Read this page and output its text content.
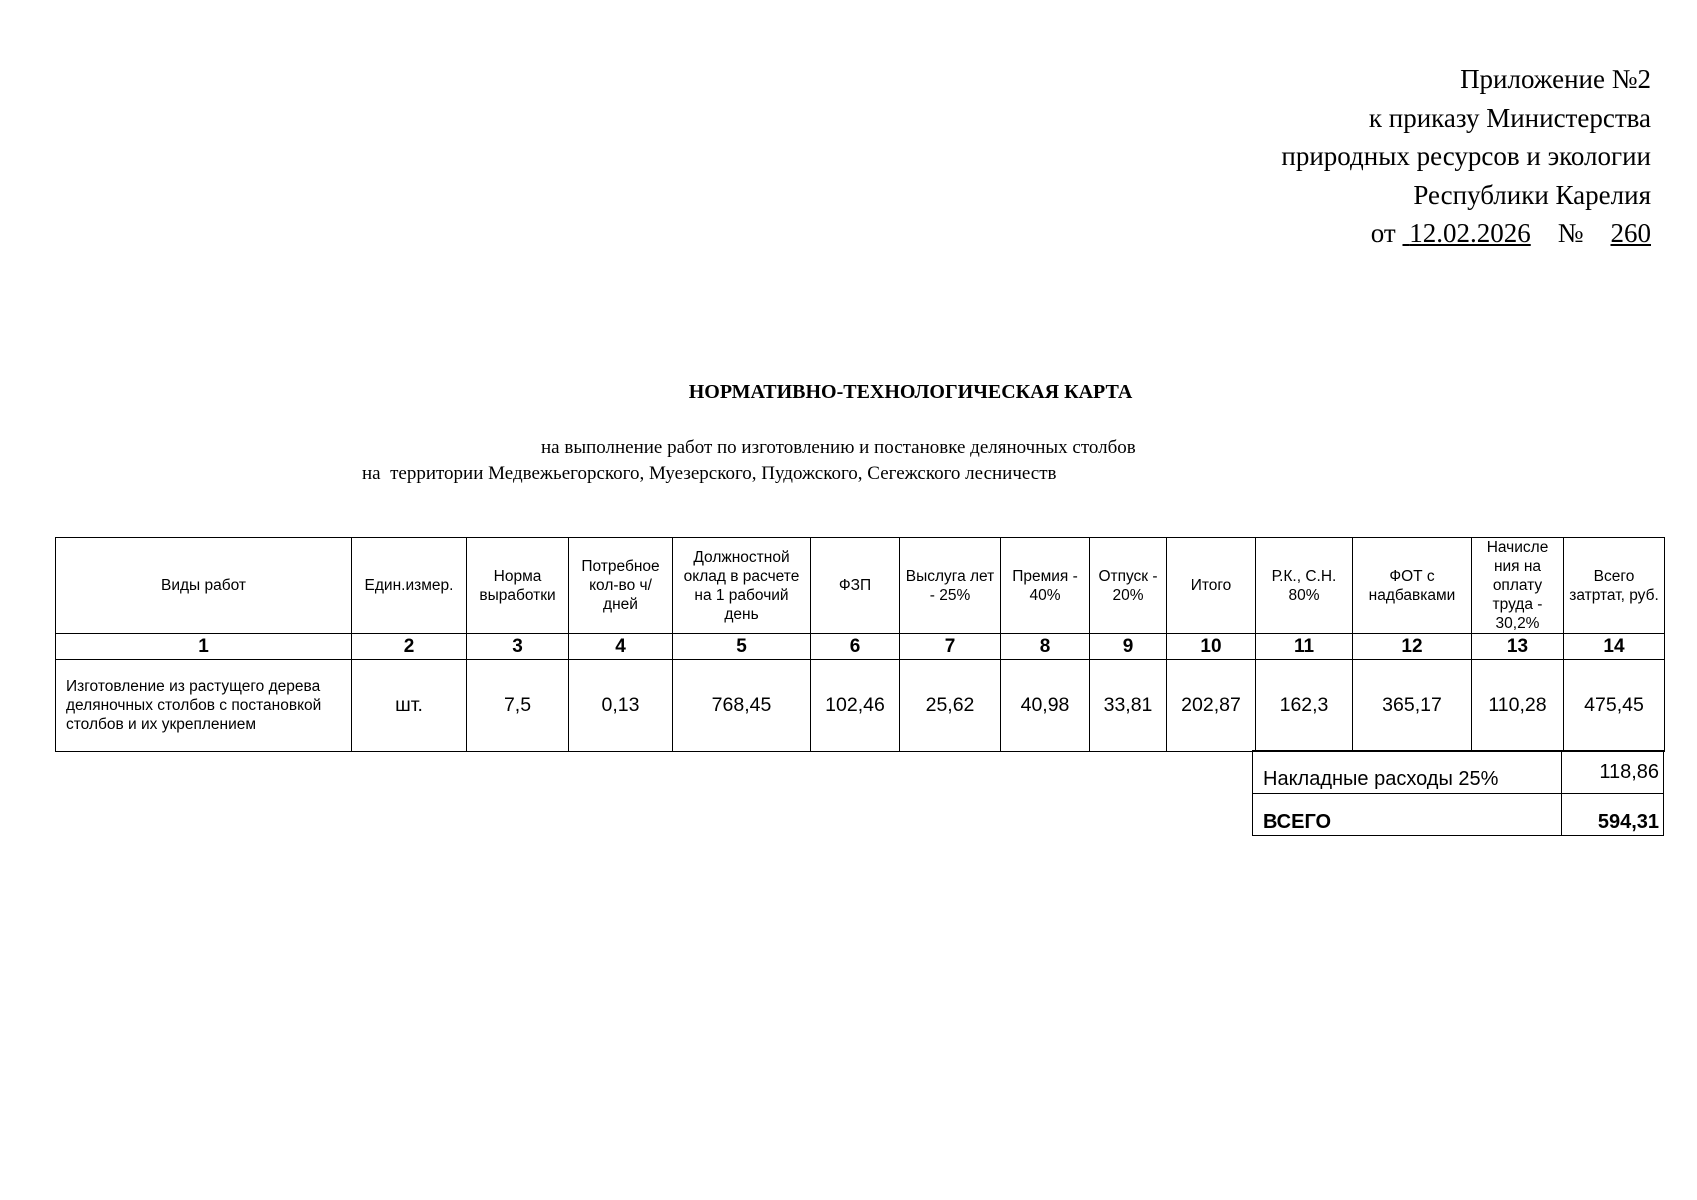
Приложение №2
к приказу Министерства
природных ресурсов и экологии
Республики Карелия
от 12.02.2026 № 260
НОРМАТИВНО-ТЕХНОЛОГИЧЕСКАЯ КАРТА
на выполнение работ по изготовлению и постановке деляночных столбов
на  территории Медвежьегорского, Муезерского, Пудожского, Сегежского лесничеств
Виды работ	Един.измер.	Норма выработки	Потребное кол-во ч/дней	Должностной оклад в расчете на 1 рабочий день	ФЗП	Выслуга лет - 25%	Премия - 40%	Отпуск - 20%	Итого	Р.К., С.Н. 80%	ФОТ с надбавками	Начисле ния на оплату труда - 30,2%	Всего затртат, руб.
1	2	3	4	5	6	7	8	9	10	11	12	13	14
Изготовление из растущего дерева деляночных столбов с постановкой столбов и их укреплением	шт.	7,5	0,13	768,45	102,46	25,62	40,98	33,81	202,87	162,3	365,17	110,28	475,45
Накладные расходы 25%	118,86
ВСЕГО	594,31
